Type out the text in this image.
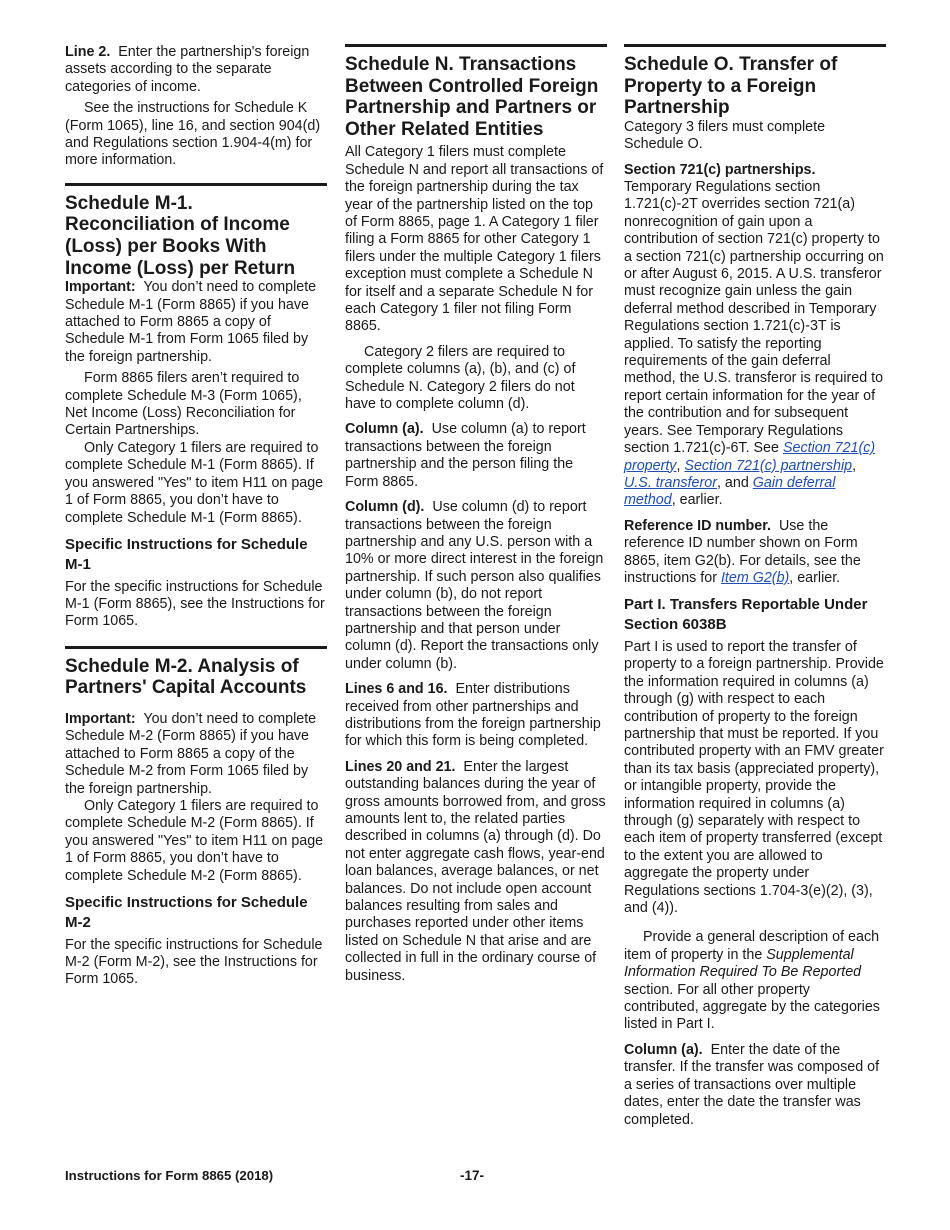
Line 2. Enter the partnership's foreign assets according to the separate categories of income.

See the instructions for Schedule K (Form 1065), line 16, and section 904(d) and Regulations section 1.904-4(m) for more information.

Schedule M-1. Reconciliation of Income (Loss) per Books With Income (Loss) per Return

Important: You don’t need to complete Schedule M-1 (Form 8865) if you have attached to Form 8865 a copy of Schedule M-1 from Form 1065 filed by the foreign partnership.

Form 8865 filers aren’t required to complete Schedule M-3 (Form 1065), Net Income (Loss) Reconciliation for Certain Partnerships.

Only Category 1 filers are required to complete Schedule M-1 (Form 8865). If you answered "Yes" to item H11 on page 1 of Form 8865, you don’t have to complete Schedule M-1 (Form 8865).

Specific Instructions for Schedule M-1

For the specific instructions for Schedule M-1 (Form 8865), see the Instructions for Form 1065.

Schedule M-2. Analysis of Partners' Capital Accounts

Important: You don’t need to complete Schedule M-2 (Form 8865) if you have attached to Form 8865 a copy of the Schedule M-2 from Form 1065 filed by the foreign partnership.

Only Category 1 filers are required to complete Schedule M-2 (Form 8865). If you answered "Yes" to item H11 on page 1 of Form 8865, you don’t have to complete Schedule M-2 (Form 8865).

Specific Instructions for Schedule M-2

For the specific instructions for Schedule M-2 (Form M-2), see the Instructions for Form 1065.

Schedule N. Transactions Between Controlled Foreign Partnership and Partners or Other Related Entities

All Category 1 filers must complete Schedule N and report all transactions of the foreign partnership during the tax year of the partnership listed on the top of Form 8865, page 1. A Category 1 filer filing a Form 8865 for other Category 1 filers under the multiple Category 1 filers exception must complete a Schedule N for itself and a separate Schedule N for each Category 1 filer not filing Form 8865.

Category 2 filers are required to complete columns (a), (b), and (c) of Schedule N. Category 2 filers do not have to complete column (d).

Column (a). Use column (a) to report transactions between the foreign partnership and the person filing the Form 8865.

Column (d). Use column (d) to report transactions between the foreign partnership and any U.S. person with a 10% or more direct interest in the foreign partnership. If such person also qualifies under column (b), do not report transactions between the foreign partnership and that person under column (d). Report the transactions only under column (b).

Lines 6 and 16. Enter distributions received from other partnerships and distributions from the foreign partnership for which this form is being completed.

Lines 20 and 21. Enter the largest outstanding balances during the year of gross amounts borrowed from, and gross amounts lent to, the related parties described in columns (a) through (d). Do not enter aggregate cash flows, year-end loan balances, average balances, or net balances. Do not include open account balances resulting from sales and purchases reported under other items listed on Schedule N that arise and are collected in full in the ordinary course of business.

Schedule O. Transfer of Property to a Foreign Partnership

Category 3 filers must complete Schedule O.

Section 721(c) partnerships.
Temporary Regulations section 1.721(c)-2T overrides section 721(a) nonrecognition of gain upon a contribution of section 721(c) property to a section 721(c) partnership occurring on or after August 6, 2015. A U.S. transferor must recognize gain unless the gain deferral method described in Temporary Regulations section 1.721(c)-3T is applied. To satisfy the reporting requirements of the gain deferral method, the U.S. transferor is required to report certain information for the year of the contribution and for subsequent years. See Temporary Regulations section 1.721(c)-6T. See Section 721(c) property, Section 721(c) partnership, U.S. transferor, and Gain deferral method, earlier.

Reference ID number. Use the reference ID number shown on Form 8865, item G2(b). For details, see the instructions for Item G2(b), earlier.

Part I. Transfers Reportable Under Section 6038B

Part I is used to report the transfer of property to a foreign partnership. Provide the information required in columns (a) through (g) with respect to each contribution of property to the foreign partnership that must be reported. If you contributed property with an FMV greater than its tax basis (appreciated property), or intangible property, provide the information required in columns (a) through (g) separately with respect to each item of property transferred (except to the extent you are allowed to aggregate the property under Regulations sections 1.704-3(e)(2), (3), and (4)).

Provide a general description of each item of property in the Supplemental Information Required To Be Reported section. For all other property contributed, aggregate by the categories listed in Part I.

Column (a). Enter the date of the transfer. If the transfer was composed of a series of transactions over multiple dates, enter the date the transfer was completed.

Instructions for Form 8865 (2018)	-17-
